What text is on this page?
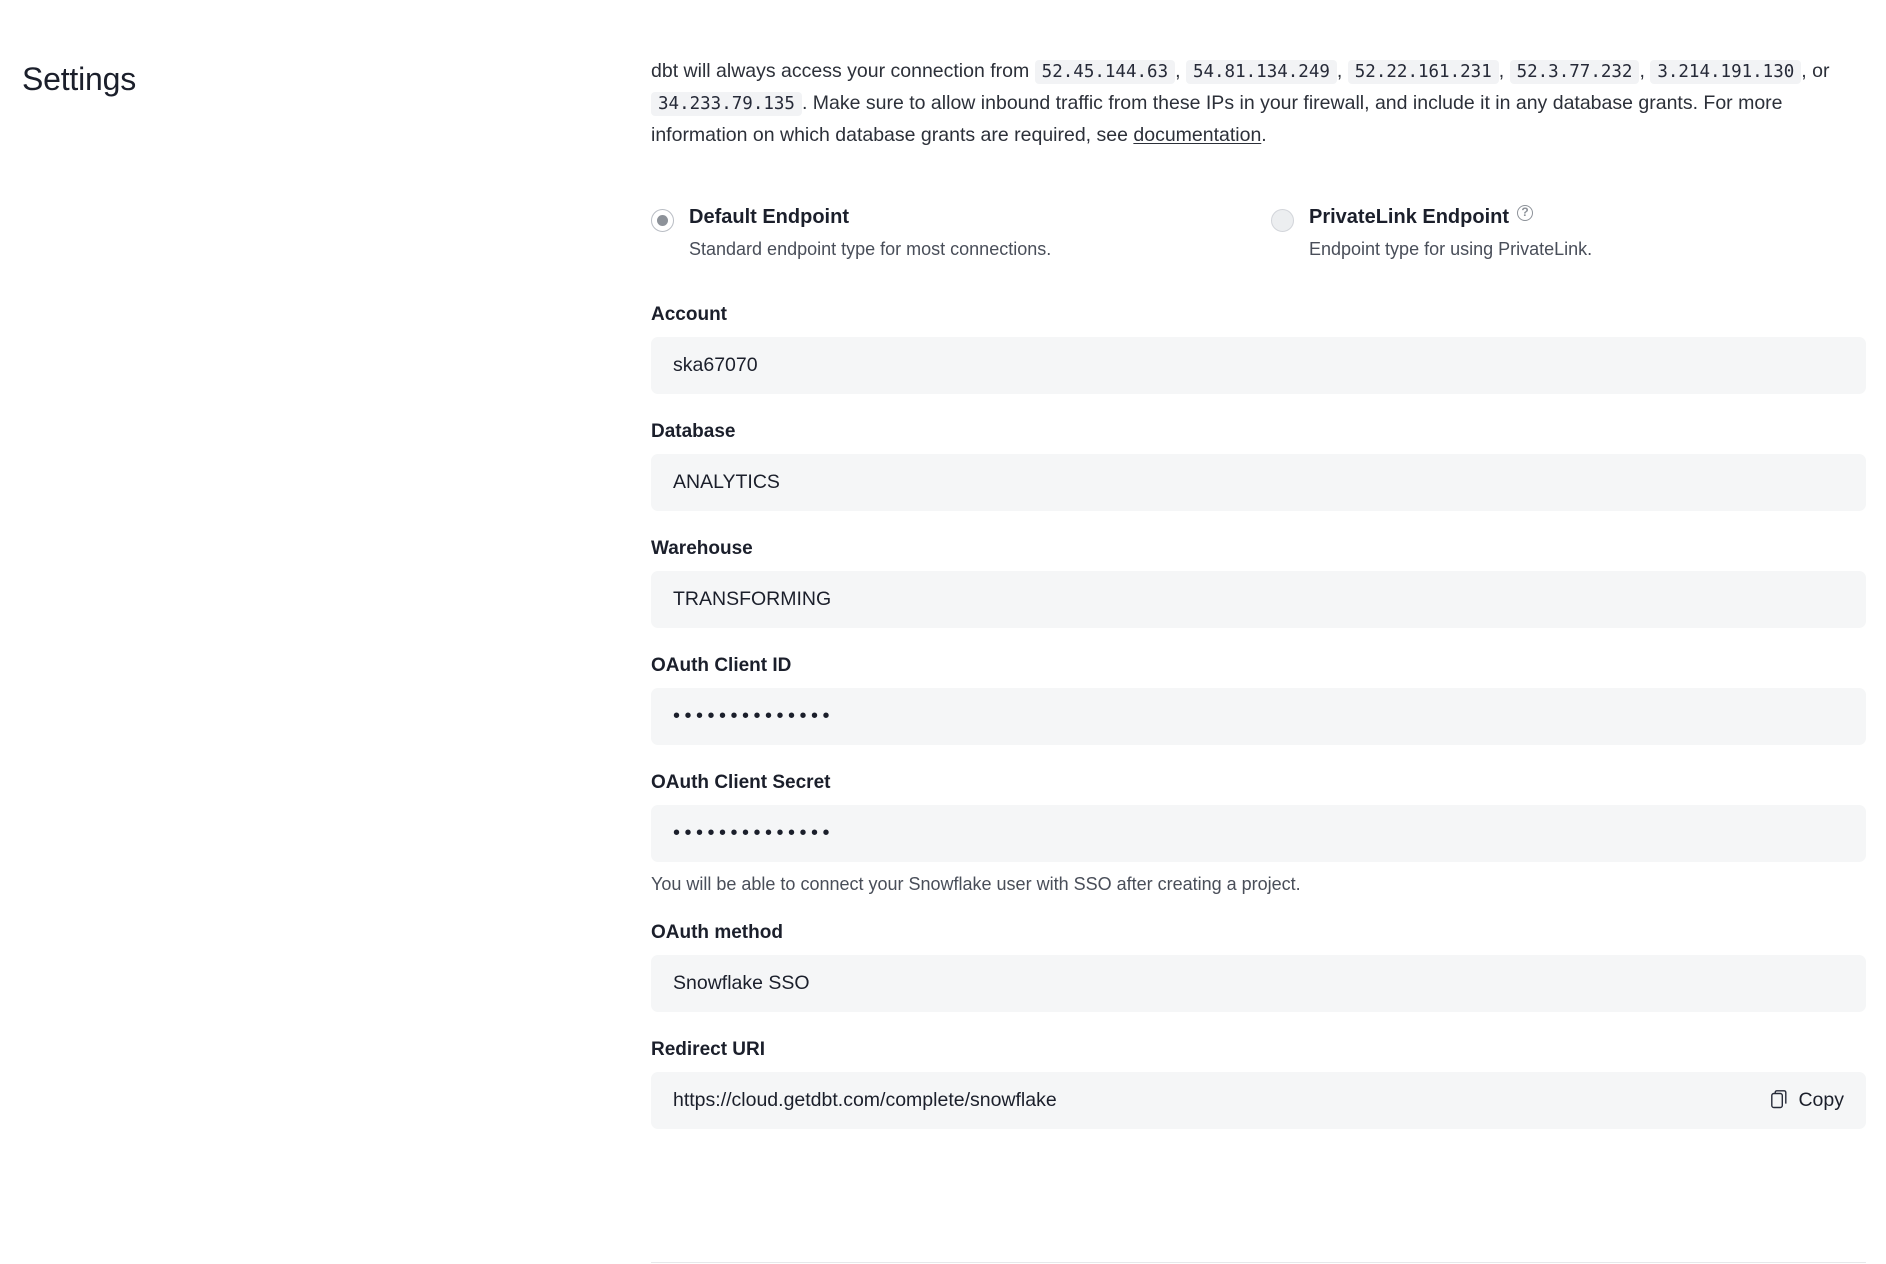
Settings	dbt will always access your connection from 52.45.144.63 , 54.81.134.249 , 52.22.161.231 , 52.3.77.232 , 3.214.191.130 , or 34.233.79.135 . Make sure to allow inbound traffic from these IPs in your firewall, and include it in any database grants. For more information on which database grants are required, see documentation.

Default Endpoint
Standard endpoint type for most connections.
PrivateLink Endpoint?
Endpoint type for using PrivateLink.
Account
ska67070
Database
ANALYTICS
Warehouse
TRANSFORMING
OAuth Client ID
••••••••••••••
OAuth Client Secret
••••••••••••••
You will be able to connect your Snowflake user with SSO after creating a project.
OAuth method
Snowflake SSO
Redirect URI
https://cloud.getdbt.com/complete/snowflake	Copy
